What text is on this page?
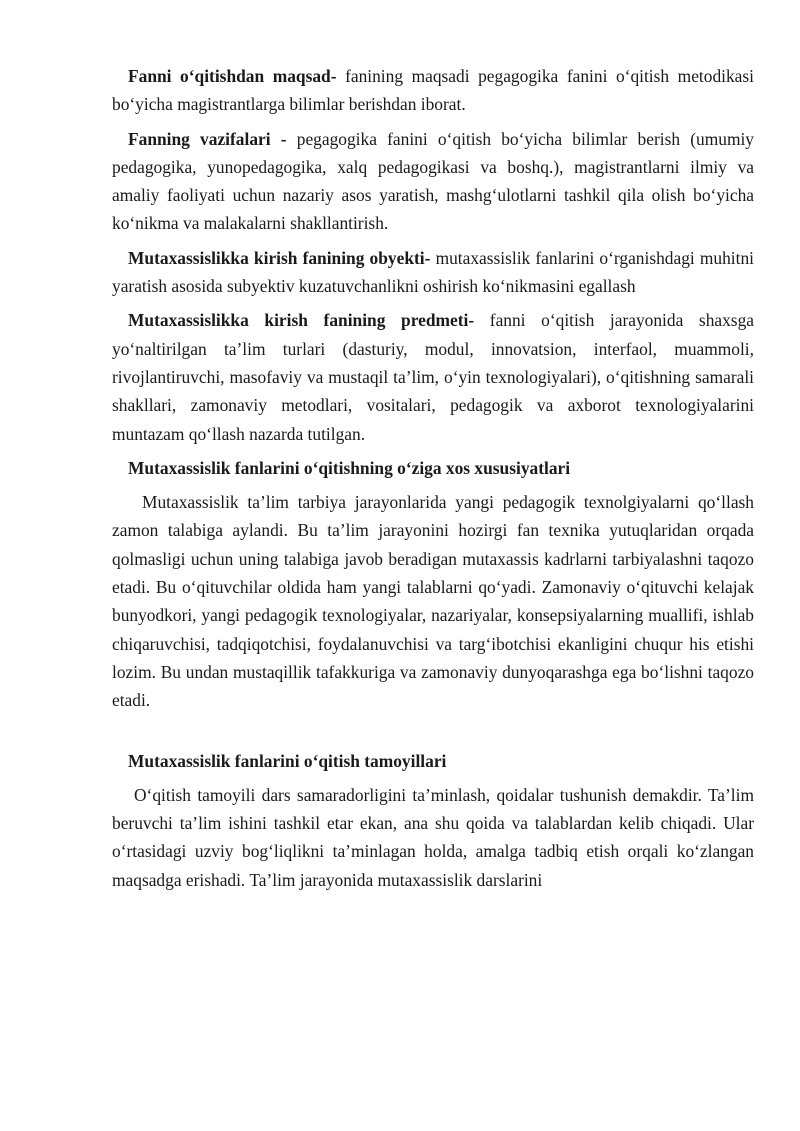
Fanni o‘qitishdan maqsad- fanining maqsadi pegagogika fanini o‘qitish metodikasi bo‘yicha magistrantlarga bilimlar berishdan iborat.

Fanning vazifalari - pegagogika fanini o‘qitish bo‘yicha bilimlar berish (umumiy pedagogika, yunopedagogika, xalq pedagogikasi va boshq.), magistrantlarni ilmiy va amaliy faoliyati uchun nazariy asos yaratish, mashg‘ulotlarni tashkil qila olish bo‘yicha ko‘nikma va malakalarni shakllantirish.

Mutaxassislikka kirish fanining obyekti- mutaxassislik fanlarini o‘rganishdagi muhitni yaratish asosida subyektiv kuzatuvchanlikni oshirish ko‘nikmasini egallash

Mutaxassislikka kirish fanining predmeti- fanni o‘qitish jarayonida shaxsga yo‘naltirilgan ta’lim turlari (dasturiy, modul, innovatsion, interfaol, muammoli, rivojlantiruvchi, masofaviy va mustaqil ta’lim, o‘yin texnologiyalari), o‘qitishning samarali shakllari, zamonaviy metodlari, vositalari, pedagogik va axborot texnologiyalarini muntazam qo‘llash nazarda tutilgan.

Mutaxassislik fanlarini o‘qitishning o‘ziga xos xususiyatlari

Mutaxassislik ta’lim tarbiya jarayonlarida yangi pedagogik texnolgiyalarni qo‘llash zamon talabiga aylandi. Bu ta’lim jarayonini hozirgi fan texnika yutuqlaridan orqada qolmasligi uchun uning talabiga javob beradigan mutaxassis kadrlarni tarbiyalashni taqozo etadi. Bu o‘qituvchilar oldida ham yangi talablarni qo‘yadi. Zamonaviy o‘qituvchi kelajak bunyodkori, yangi pedagogik texnologiyalar, nazariyalar, konsepsiyalarning muallifi, ishlab chiqaruvchisi, tadqiqotchisi, foydalanuvchisi va targ‘ibotchisi ekanligini chuqur his etishi lozim. Bu undan mustaqillik tafakkuriga va zamonaviy dunyoqarashga ega bo‘lishni taqozo etadi.

Mutaxassislik fanlarini o‘qitish tamoyillari

O‘qitish tamoyili dars samaradorligini ta’minlash, qoidalar tushunish demakdir. Ta’lim beruvchi ta’lim ishini tashkil etar ekan, ana shu qoida va talablardan kelib chiqadi. Ular o‘rtasidagi uzviy bog‘liqlikni ta’minlagan holda, amalga tadbiq etish orqali ko‘zlangan maqsadga erishadi. Ta’lim jarayonida mutaxassislik darslarini
